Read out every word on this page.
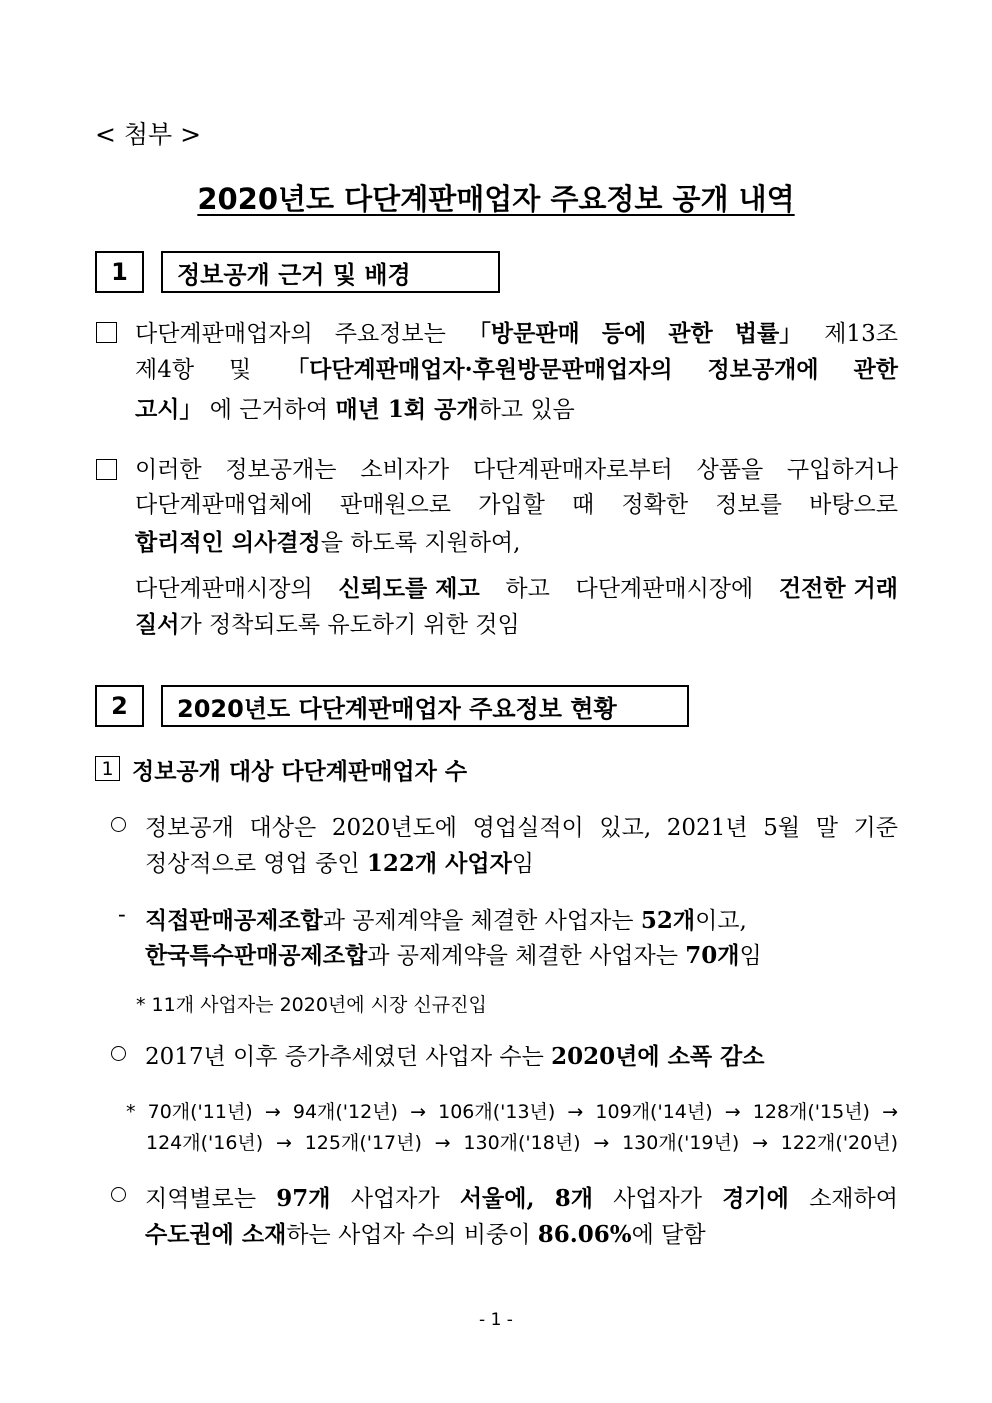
< 첨부 >
2020년도 다단계판매업자 주요정보 공개 내역
1	정보공개 근거 및 배경
다단계판매업자의 주요정보는 「방문판매 등에 관한 법률」 제13조
제4항 및 「다단계판매업자·후원방문판매업자의 정보공개에 관한
고시」 에 근거하여 매년 1회 공개하고 있음
이러한 정보공개는 소비자가 다단계판매자로부터 상품을 구입하거나
다단계판매업체에 판매원으로 가입할 때 정확한 정보를 바탕으로
합리적인 의사결정을 하도록 지원하여,
다단계판매시장의 신뢰도를 제고 하고 다단계판매시장에 건전한 거래
질서가 정착되도록 유도하기 위한 것임
2	2020년도 다단계판매업자 주요정보 현황
1 정보공개 대상 다단계판매업자 수
정보공개 대상은 2020년도에 영업실적이 있고, 2021년 5월 말 기준
정상적으로 영업 중인 122개 사업자임
- 직접판매공제조합과 공제계약을 체결한 사업자는 52개이고,
한국특수판매공제조합과 공제계약을 체결한 사업자는 70개임
* 11개 사업자는 2020년에 시장 신규진입
2017년 이후 증가추세였던 사업자 수는 2020년에 소폭 감소
* 70개('11년) → 94개('12년) → 106개('13년) → 109개('14년) → 128개('15년) →
124개('16년) → 125개('17년) → 130개('18년) → 130개('19년) → 122개('20년)
지역별로는 97개 사업자가 서울에, 8개 사업자가 경기에 소재하여
수도권에 소재하는 사업자 수의 비중이 86.06%에 달함
- 1 -
